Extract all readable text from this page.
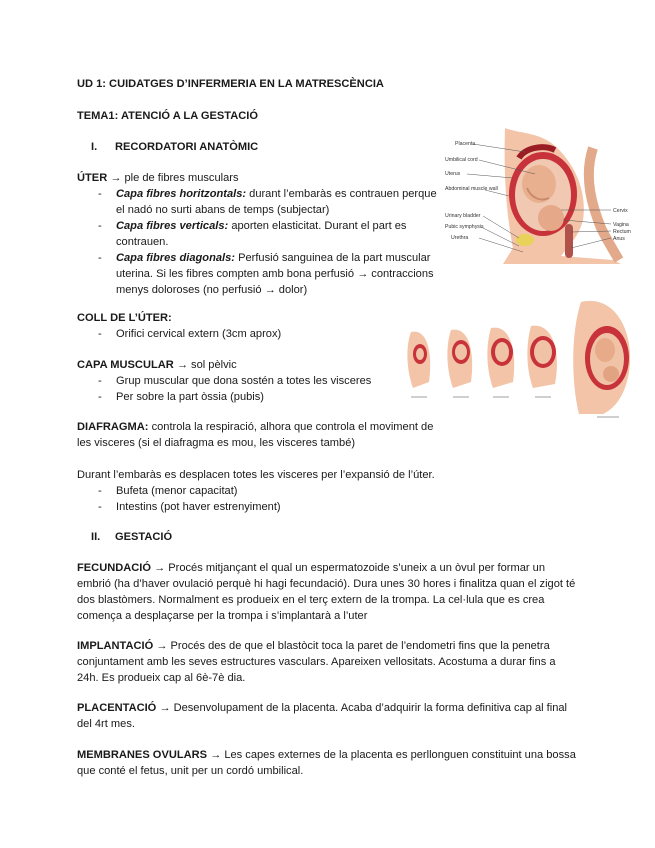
UD 1: CUIDATGES D’INFERMERIA EN LA MATRESCÈNCIA
TEMA1: ATENCIÓ A LA GESTACIÓ
I. RECORDATORI ANATÒMIC
ÚTER → ple de fibres musculars
- Capa fibres horitzontals: durant l’embaràs es contrauen perque el nadó no surti abans de temps (subjectar)
- Capa fibres verticals: aporten elasticitat. Durant el part es contrauen.
- Capa fibres diagonals: Perfusió sanguinea de la part muscular uterina. Si les fibres compten amb bona perfusió → contraccions menys doloroses (no perfusió → dolor)
COLL DE L’ÚTER:
- Orifici cervical extern (3cm aprox)
CAPA MUSCULAR → sol pèlvic
- Grup muscular que dona sostén a totes les visceres
- Per sobre la part òssia (pubis)
DIAFRAGMA: controla la respiració, alhora que controla el moviment de les visceres (si el diafragma es mou, les visceres també)
Durant l’embaràs es desplacen totes les visceres per l’expansió de l’úter.
- Bufeta (menor capacitat)
- Intestins (pot haver estrenyiment)
II. GESTACIÓ
FECUNDACIÓ → Procés mitjançant el qual un espermatozoide s’uneix a un òvul per formar un embrió (ha d’haver ovulació perquè hi hagi fecundació). Dura unes 30 hores i finalitza quan el zigot té dos blastòmers. Normalment es produeix en el terç extern de la trompa. La cel·lula que es crea comença a desplaçarse per la trompa i s’implantarà a l’uter
IMPLANTACIÓ → Procés des de que el blastòcit toca la paret de l’endometri fins que la penetra conjuntament amb les seves estructures vasculars. Apareixen vellositats. Acostuma a durar fins a 24h. Es produeix cap al 6è-7è dia.
PLACENTACIÓ → Desenvolupament de la placenta. Acaba d’adquirir la forma definitiva cap al final del 4rt mes.
MEMBRANES OVULARS → Les capes externes de la placenta es perllonguen constituint una bossa que conté el fetus, unit per un cordó umbilical.
Placenta
Umbilical cord
Uterus
Abdominal muscle wall
Urinary bladder
Pubic symphysis
Urethra
Cervix
Vagina
Rectum
Anus
